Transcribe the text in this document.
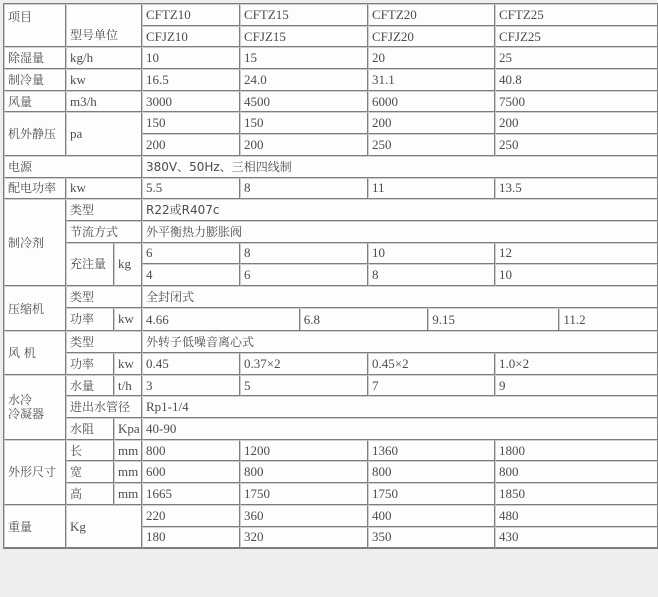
项目	型号单位		CFTZ10	CFTZ15	CFTZ20	CFTZ25
			CFJZ10	CFJZ15	CFJZ20	CFJZ25
除湿量	kg/h		10	15	20	25
制冷量	kw		16.5	24.0	31.1	40.8
风量	m3/h		3000	4500	6000	7500
机外静压	pa		150	150	200	200
			200	200	250	250
电源			380V、50Hz、三相四线制			
配电功率	kw		5.5	8	11	13.5
制冷剂	类型		R22或R407c			
	节流方式		外平衡热力膨胀阀			
	充注量	kg	6	8	10	12
			4	6	8	10
压缩机	类型		全封闭式			
	功率	kw	4.66 6.8 9.15 11.2			

风 机	类型		外转子低噪音离心式			
	功率	kw	0.45	0.37×2	0.45×2	1.0×2
水冷
冷凝器	水量	t/h	3	5	7	9
	进出水管径		Rp1-1/4			
	水阻	Kpa	40-90			
外形尺寸	长	mm	800	1200	1360	1800
	宽	mm	600	800	800	800
	高	mm	1665	1750	1750	1850
重量	Kg		220	360	400	480
			180	320	350	430
